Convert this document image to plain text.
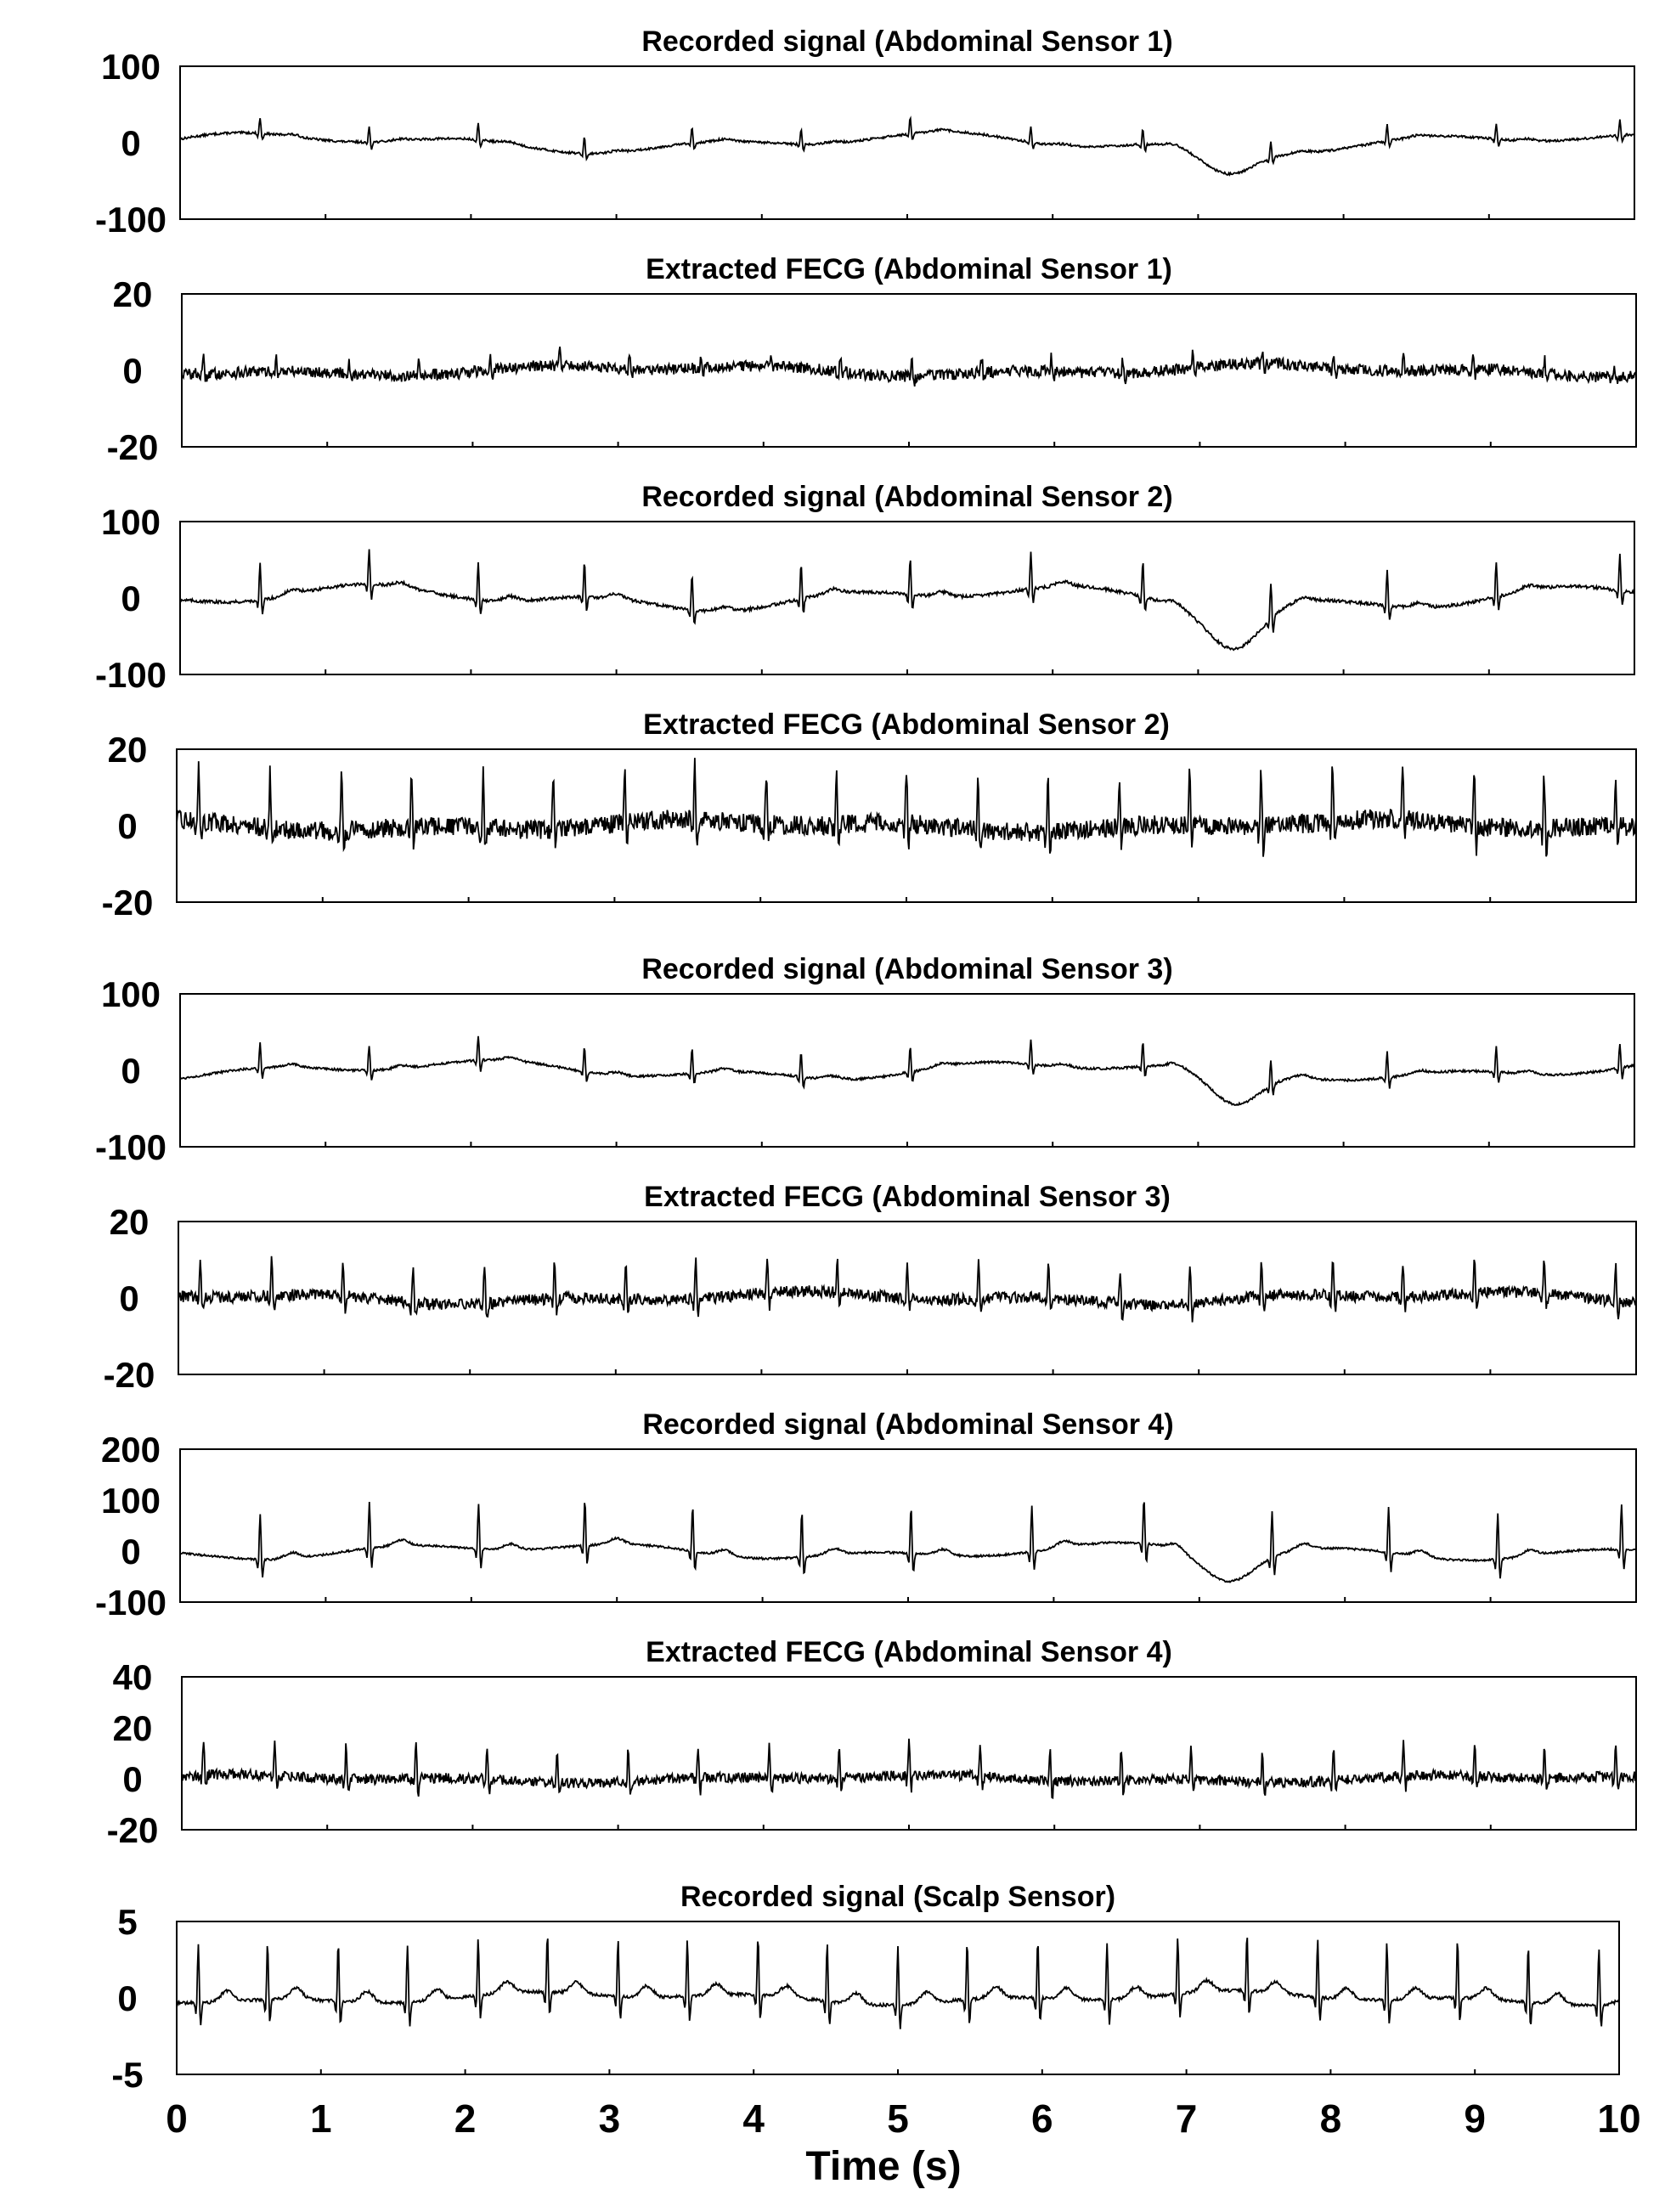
Recorded signal (Abdominal Sensor 1)
100
0
-100
Extracted FECG (Abdominal Sensor 1)
20
0
-20
Recorded signal (Abdominal Sensor 2)
100
0
-100
Extracted FECG (Abdominal Sensor 2)
20
0
-20
Recorded signal (Abdominal Sensor 3)
100
0
-100
Extracted FECG (Abdominal Sensor 3)
20
0
-20
Recorded signal (Abdominal Sensor 4)
200
100
0
-100
Extracted FECG (Abdominal Sensor 4)
40
20
0
-20
Recorded signal (Scalp Sensor)
5
0
-5
0	1	2	3	4	5	6	7	8	9	10
Time (s)
